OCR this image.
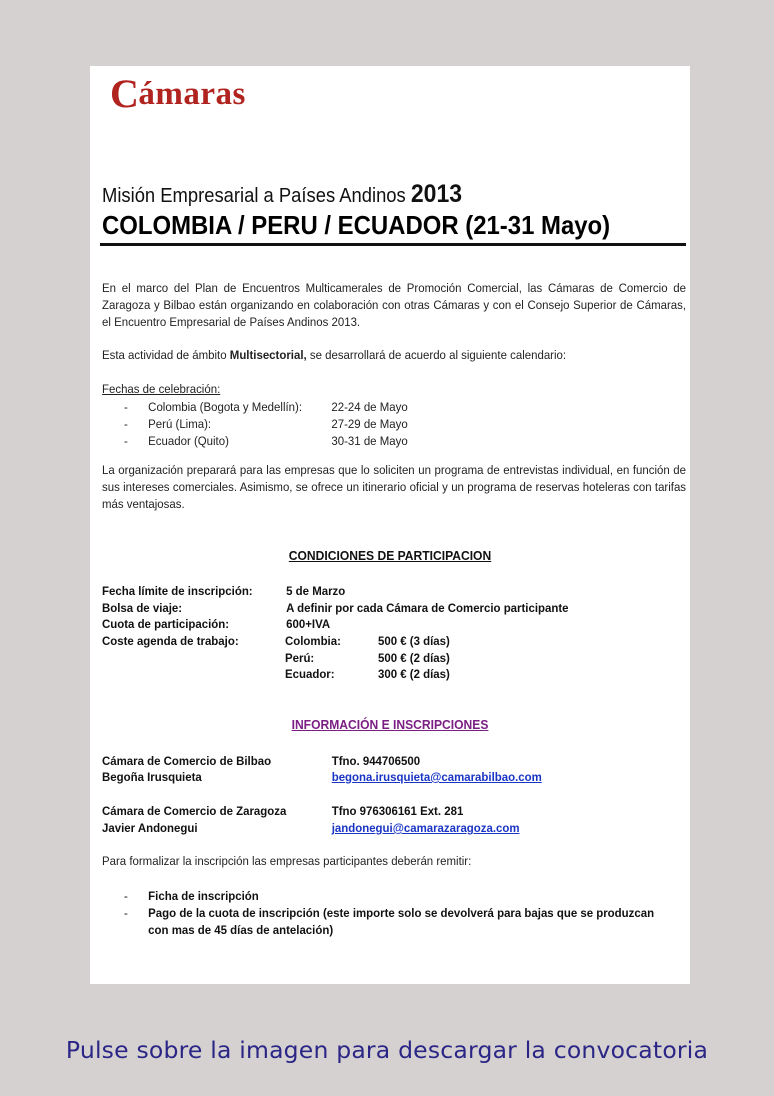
Cámaras
Misión Empresarial a Países Andinos 2013
COLOMBIA / PERU / ECUADOR (21-31 Mayo)
En el marco del Plan de Encuentros Multicamerales de Promoción Comercial, las Cámaras de Comercio de Zaragoza y Bilbao están organizando en colaboración con otras Cámaras y con el Consejo Superior de Cámaras, el Encuentro Empresarial de Países Andinos 2013.
Esta actividad de ámbito Multisectorial, se desarrollará de acuerdo al siguiente calendario:
Fechas de celebración:
- Colombia (Bogota y Medellín): 22-24 de Mayo
- Perú (Lima):	27-29 de Mayo
- Ecuador (Quito)	30-31 de Mayo
La organización preparará para las empresas que lo soliciten un programa de entrevistas individual, en función de sus intereses comerciales. Asimismo, se ofrece un itinerario oficial y un programa de reservas hoteleras con tarifas más ventajosas.
CONDICIONES DE PARTICIPACION
Fecha límite de inscripción:	5 de Marzo
Bolsa de viaje:	A definir por cada Cámara de Comercio participante
Cuota de participación:	600+IVA
Coste agenda de trabajo:	Colombia:	500 € (3 días)
Perú:	500 € (2 días)
Ecuador:	300 € (2 días)
INFORMACIÓN E INSCRIPCIONES
Cámara de Comercio de Bilbao	Tfno. 944706500
Begoña Irusquieta	begona.irusquieta@camarabilbao.com
Cámara de Comercio de Zaragoza	Tfno 976306161 Ext. 281
Javier Andonegui	jandonegui@camarazaragoza.com
Para formalizar la inscripción las empresas participantes deberán remitir:
-	Ficha de inscripción
-	Pago de la cuota de inscripción (este importe solo se devolverá para bajas que se produzcan con mas de 45 días de antelación)
Pulse sobre la imagen para descargar la convocatoria
